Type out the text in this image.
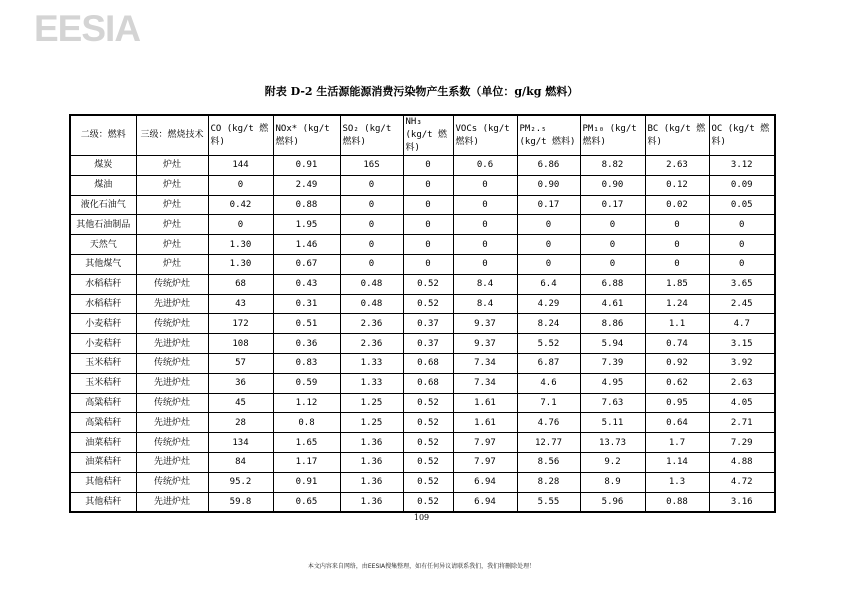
EESIA
附表 D-2 生活源能源消费污染物产生系数（单位：g/kg 燃料）
二级：燃料	三级：燃烧技术	CO (kg/t 燃料)	NOx* (kg/t 燃料)	SO₂ (kg/t 燃料)	NH₃ (kg/t 燃料)	VOCs (kg/t 燃料)	PM₂.₅ (kg/t 燃料)	PM₁₀ (kg/t 燃料)	BC (kg/t 燃料)	OC (kg/t 燃料)
煤炭	炉灶	144	0.91	16S	0	0.6	6.86	8.82	2.63	3.12
煤油	炉灶	0	2.49	0	0	0	0.90	0.90	0.12	0.09
液化石油气	炉灶	0.42	0.88	0	0	0	0.17	0.17	0.02	0.05
其他石油制品	炉灶	0	1.95	0	0	0	0	0	0	0
天然气	炉灶	1.30	1.46	0	0	0	0	0	0	0
其他煤气	炉灶	1.30	0.67	0	0	0	0	0	0	0
水稻秸秆	传统炉灶	68	0.43	0.48	0.52	8.4	6.4	6.88	1.85	3.65
水稻秸秆	先进炉灶	43	0.31	0.48	0.52	8.4	4.29	4.61	1.24	2.45
小麦秸秆	传统炉灶	172	0.51	2.36	0.37	9.37	8.24	8.86	1.1	4.7
小麦秸秆	先进炉灶	108	0.36	2.36	0.37	9.37	5.52	5.94	0.74	3.15
玉米秸秆	传统炉灶	57	0.83	1.33	0.68	7.34	6.87	7.39	0.92	3.92
玉米秸秆	先进炉灶	36	0.59	1.33	0.68	7.34	4.6	4.95	0.62	2.63
高粱秸秆	传统炉灶	45	1.12	1.25	0.52	1.61	7.1	7.63	0.95	4.05
高粱秸秆	先进炉灶	28	0.8	1.25	0.52	1.61	4.76	5.11	0.64	2.71
油菜秸秆	传统炉灶	134	1.65	1.36	0.52	7.97	12.77	13.73	1.7	7.29
油菜秸秆	先进炉灶	84	1.17	1.36	0.52	7.97	8.56	9.2	1.14	4.88
其他秸秆	传统炉灶	95.2	0.91	1.36	0.52	6.94	8.28	8.9	1.3	4.72
其他秸秆	先进炉灶	59.8	0.65	1.36	0.52	6.94	5.55	5.96	0.88	3.16
109
本文内容来自网络，由EESIA搜集整理，如有任何异议请联系我们，我们将删除处理！
